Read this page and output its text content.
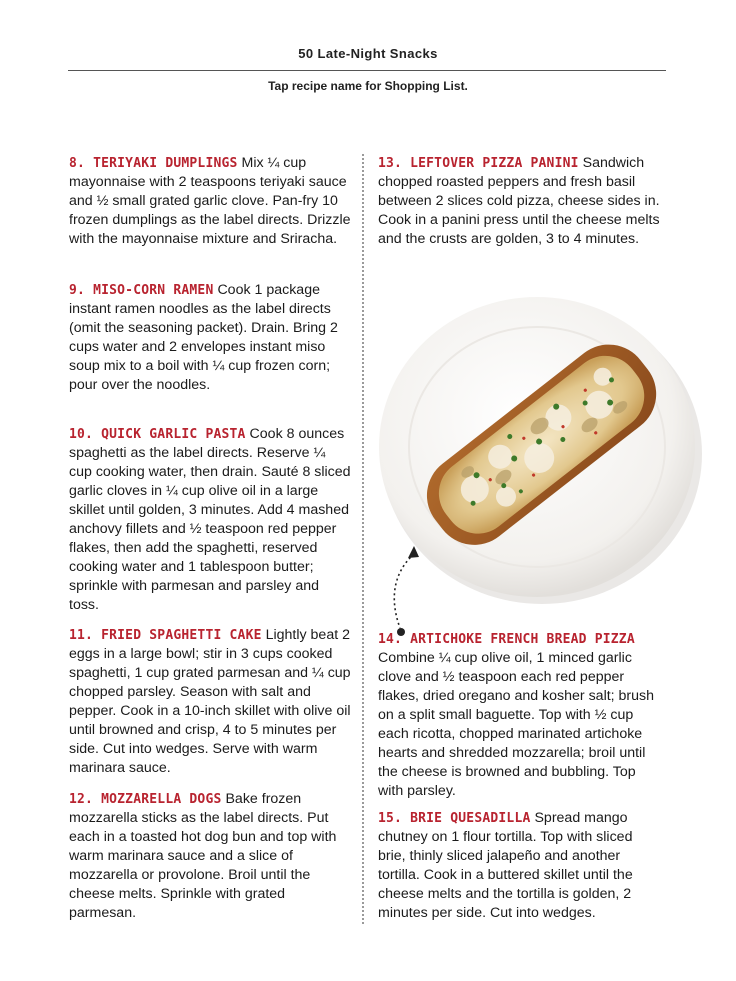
50 Late-Night Snacks
Tap recipe name for Shopping List.
8. TERIYAKI DUMPLINGS Mix ¼ cup mayonnaise with 2 teaspoons teriyaki sauce and ½ small grated garlic clove. Pan-fry 10 frozen dumplings as the label directs. Drizzle with the mayonnaise mixture and Sriracha.
9. MISO-CORN RAMEN Cook 1 package instant ramen noodles as the label directs (omit the seasoning packet). Drain. Bring 2 cups water and 2 envelopes instant miso soup mix to a boil with ¼ cup frozen corn; pour over the noodles.
10. QUICK GARLIC PASTA Cook 8 ounces spaghetti as the label directs. Reserve ¼ cup cooking water, then drain. Sauté 8 sliced garlic cloves in ¼ cup olive oil in a large skillet until golden, 3 minutes. Add 4 mashed anchovy fillets and ½ teaspoon red pepper flakes, then add the spaghetti, reserved cooking water and 1 tablespoon butter; sprinkle with parmesan and parsley and toss.
11. FRIED SPAGHETTI CAKE Lightly beat 2 eggs in a large bowl; stir in 3 cups cooked spaghetti, 1 cup grated parmesan and ¼ cup chopped parsley. Season with salt and pepper. Cook in a 10-inch skillet with olive oil until browned and crisp, 4 to 5 minutes per side. Cut into wedges. Serve with warm marinara sauce.
12. MOZZARELLA DOGS Bake frozen mozzarella sticks as the label directs. Put each in a toasted hot dog bun and top with warm marinara sauce and a slice of mozzarella or provolone. Broil until the cheese melts. Sprinkle with grated parmesan.
13. LEFTOVER PIZZA PANINI Sandwich chopped roasted peppers and fresh basil between 2 slices cold pizza, cheese sides in. Cook in a panini press until the cheese melts and the crusts are golden, 3 to 4 minutes.
14. ARTICHOKE FRENCH BREAD PIZZA
Combine ¼ cup olive oil, 1 minced garlic clove and ½ teaspoon each red pepper flakes, dried oregano and kosher salt; brush on a split small baguette. Top with ½ cup each ricotta, chopped marinated artichoke hearts and shredded mozzarella; broil until the cheese is browned and bubbling. Top with parsley.
15. BRIE QUESADILLA Spread mango chutney on 1 flour tortilla. Top with sliced brie, thinly sliced jalapeño and another tortilla. Cook in a buttered skillet until the cheese melts and the tortilla is golden, 2 minutes per side. Cut into wedges.
